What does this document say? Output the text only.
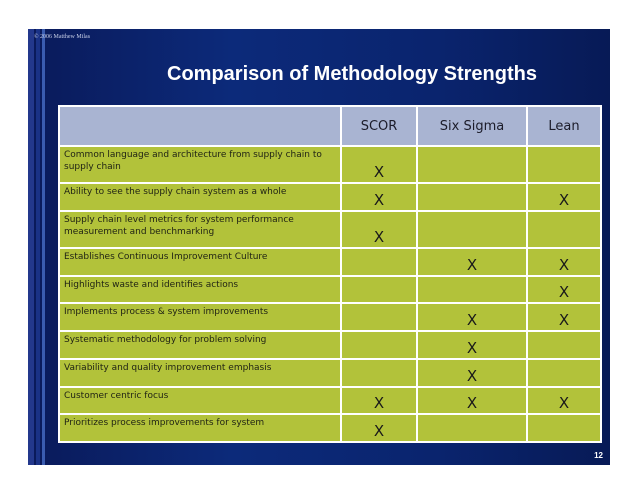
© 2006 Matthew Milas
Comparison of Methodology Strengths
	SCOR	Six Sigma	Lean
Common language and architecture from supply chain to supply chain	X		
Ability to see the supply chain system as a whole	X		X
Supply chain level metrics for system performance measurement and benchmarking	X		
Establishes Continuous Improvement Culture		X	X
Highlights waste and identifies actions			X
Implements process & system improvements		X	X
Systematic methodology for problem solving		X	
Variability and quality improvement emphasis		X	
Customer centric focus	X	X	X
Prioritizes process improvements for system	X		
12
